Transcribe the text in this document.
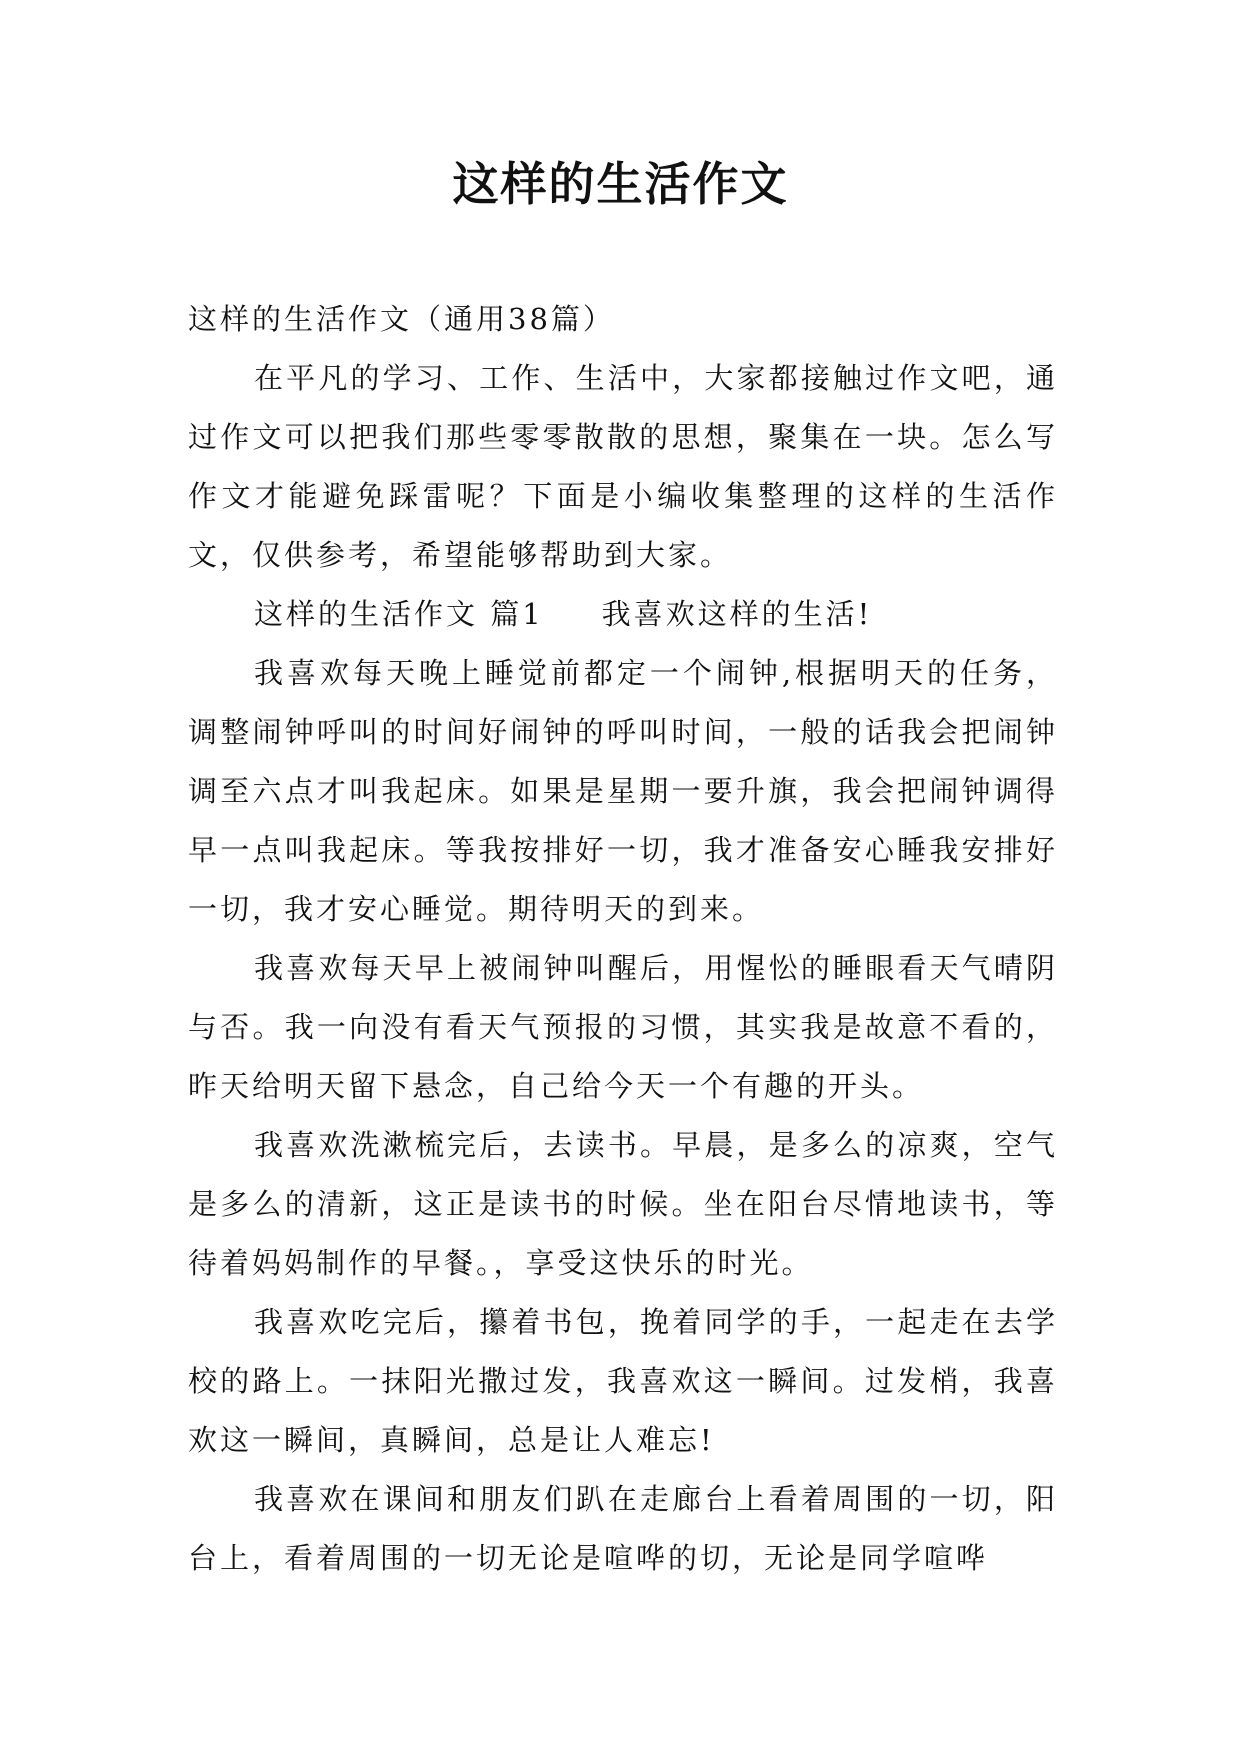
这样的生活作文

这样的生活作文（通用38篇）

在平凡的学习、工作、生活中，大家都接触过作文吧，通过作文可以把我们那些零零散散的思想，聚集在一块。怎么写作文才能避免踩雷呢？下面是小编收集整理的这样的生活作文，仅供参考，希望能够帮助到大家。

这样的生活作文 篇1 我喜欢这样的生活!

我喜欢每天晚上睡觉前都定一个闹钟,根据明天的任务，调整闹钟呼叫的时间好闹钟的呼叫时间，一般的话我会把闹钟调至六点才叫我起床。如果是星期一要升旗，我会把闹钟调得早一点叫我起床。等我按排好一切，我才准备安心睡我安排好一切，我才安心睡觉。期待明天的到来。

我喜欢每天早上被闹钟叫醒后，用惺忪的睡眼看天气晴阴与否。我一向没有看天气预报的习惯，其实我是故意不看的，昨天给明天留下悬念，自己给今天一个有趣的开头。

我喜欢洗漱梳完后，去读书。早晨，是多么的凉爽，空气是多么的清新，这正是读书的时候。坐在阳台尽情地读书，等待着妈妈制作的早餐。，享受这快乐的时光。

我喜欢吃完后，攥着书包，挽着同学的手，一起走在去学校的路上。一抹阳光撒过发，我喜欢这一瞬间。过发梢，我喜欢这一瞬间，真瞬间，总是让人难忘!

我喜欢在课间和朋友们趴在走廊台上看着周围的一切，阳台上，看着周围的一切无论是喧哗的切，无论是同学喧哗
